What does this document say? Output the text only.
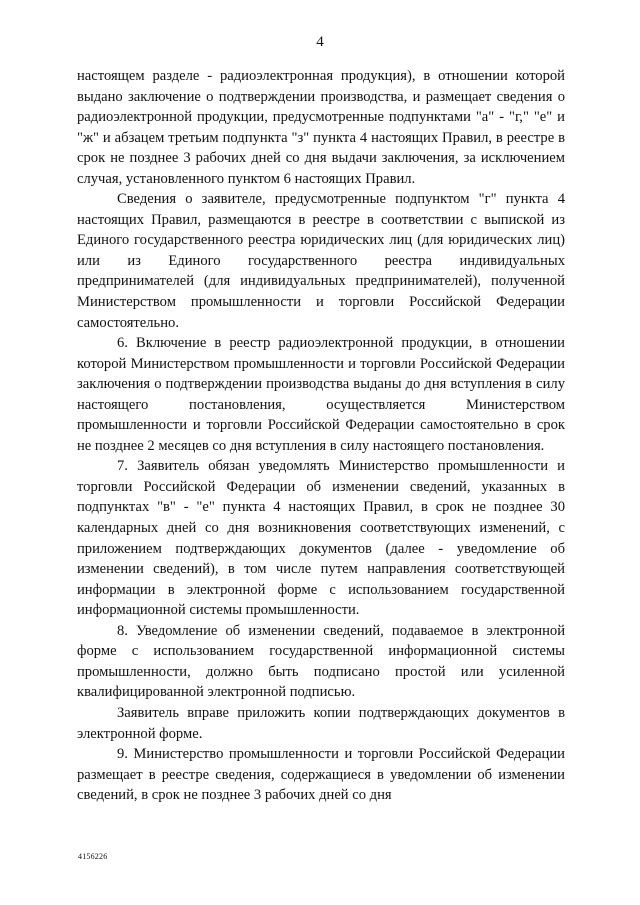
4

настоящем разделе - радиоэлектронная продукция), в отношении которой выдано заключение о подтверждении производства, и размещает сведения о радиоэлектронной продукции, предусмотренные подпунктами "а" - "г," "е" и "ж" и абзацем третьим подпункта "з" пункта 4 настоящих Правил, в реестре в срок не позднее 3 рабочих дней со дня выдачи заключения, за исключением случая, установленного пунктом 6 настоящих Правил.

Сведения о заявителе, предусмотренные подпунктом "г" пункта 4 настоящих Правил, размещаются в реестре в соответствии с выпиской из Единого государственного реестра юридических лиц (для юридических лиц) или из Единого государственного реестра индивидуальных предпринимателей (для индивидуальных предпринимателей), полученной Министерством промышленности и торговли Российской Федерации самостоятельно.

6. Включение в реестр радиоэлектронной продукции, в отношении которой Министерством промышленности и торговли Российской Федерации заключения о подтверждении производства выданы до дня вступления в силу настоящего постановления, осуществляется Министерством промышленности и торговли Российской Федерации самостоятельно в срок не позднее 2 месяцев со дня вступления в силу настоящего постановления.

7. Заявитель обязан уведомлять Министерство промышленности и торговли Российской Федерации об изменении сведений, указанных в подпунктах "в" - "е" пункта 4 настоящих Правил, в срок не позднее 30 календарных дней со дня возникновения соответствующих изменений, с приложением подтверждающих документов (далее - уведомление об изменении сведений), в том числе путем направления соответствующей информации в электронной форме с использованием государственной информационной системы промышленности.

8. Уведомление об изменении сведений, подаваемое в электронной форме с использованием государственной информационной системы промышленности, должно быть подписано простой или усиленной квалифицированной электронной подписью.

Заявитель вправе приложить копии подтверждающих документов в электронной форме.

9. Министерство промышленности и торговли Российской Федерации размещает в реестре сведения, содержащиеся в уведомлении об изменении сведений, в срок не позднее 3 рабочих дней со дня

4156226
